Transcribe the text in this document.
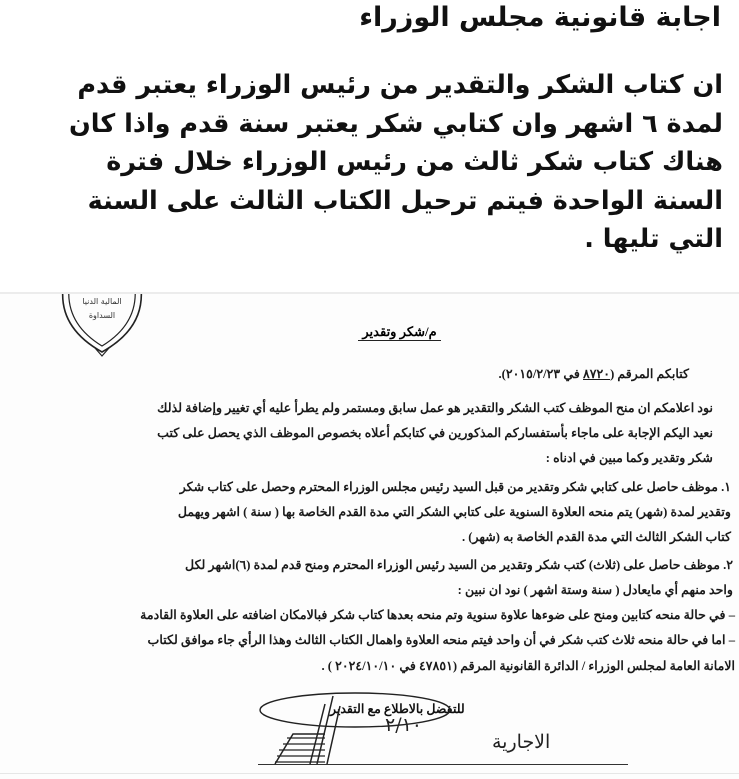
اجابة قانونية مجلس الوزراء
ان كتاب الشكر والتقدير من رئيس الوزراء يعتبر قدم
لمدة ٦ اشهر وان كتابي شكر يعتبر سنة قدم واذا كان
هناك كتاب شكر ثالث من رئيس الوزراء خلال فترة
السنة الواحدة فيتم ترحيل الكتاب الثالث على السنة
التي تليها .
المالية الدنيا
السداوة
م/شكر وتقدير
كتابكم المرقم (٨٧٢٠ في ٢٠١٥/٢/٢٣).
نود اعلامكم ان منح الموظف كتب الشكر والتقدير هو عمل سابق ومستمر ولم يطرأ عليه أي تغيير وإضافة لذلك
نعيد اليكم الإجابة على ماجاء بأستفساركم المذكورين في كتابكم أعلاه بخصوص الموظف الذي يحصل على كتب
شكر وتقدير وكما مبين في ادناه :
١. موظف حاصل على كتابي شكر وتقدير من قبل السيد رئيس مجلس الوزراء المحترم وحصل على كتاب شكر
وتقدير لمدة (شهر) يتم منحه العلاوة السنوية على كتابي الشكر التي مدة القدم الخاصة بها ( سنة ) اشهر ويهمل
كتاب الشكر الثالث التي مدة القدم الخاصة به (شهر) .
٢. موظف حاصل على (ثلاث) كتب شكر وتقدير من السيد رئيس الوزراء المحترم ومنح قدم لمدة (٦)اشهر لكل
واحد منهم أي مايعادل ( سنة وستة اشهر ) نود ان نبين :
– في حالة منحه كتابين ومنح على ضوءها علاوة سنوية وتم منحه بعدها كتاب شكر فبالامكان اضافته على العلاوة القادمة
– اما في حالة منحه ثلاث كتب شكر في أن واحد فيتم منحه العلاوة واهمال الكتاب الثالث وهذا الرأي جاء موافق لكتاب
الامانة العامة لمجلس الوزراء / الدائرة القانونية المرقم (٤٧٨٥١ في ٢٠٢٤/١٠/١٠ ) .
للتفضل بالاطلاع مع التقدير
٢/١٠
الاجارية
